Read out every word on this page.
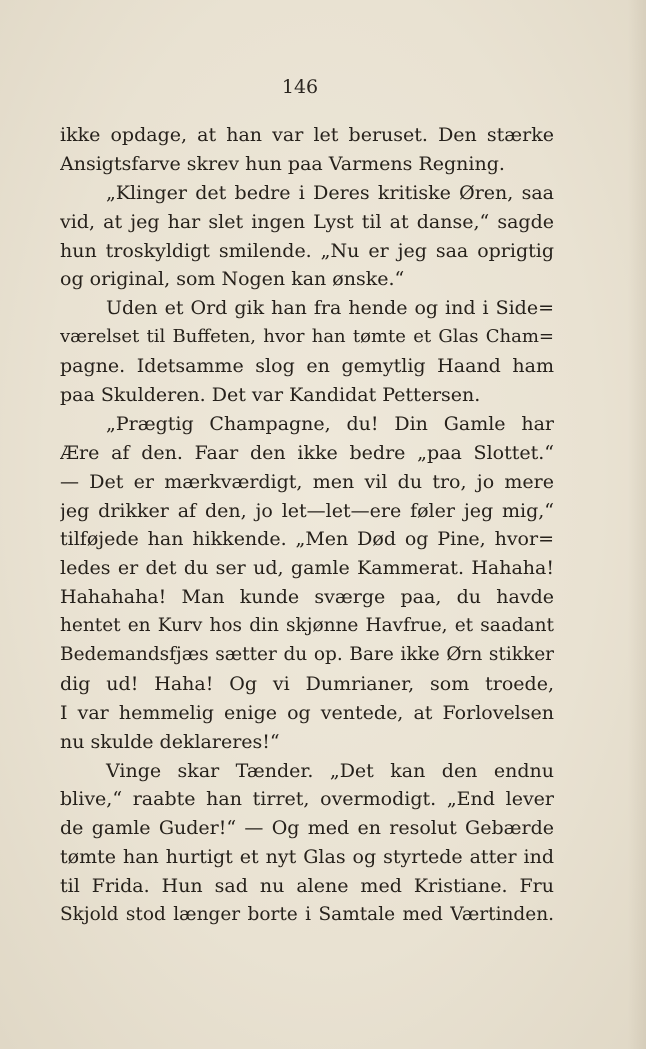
146
ikke opdage, at han var let beruset. Den stærke
Ansigtsfarve skrev hun paa Varmens Regning.
„Klinger det bedre i Deres kritiske Øren, saa
vid, at jeg har slet ingen Lyst til at danse,“ sagde
hun troskyldigt smilende. „Nu er jeg saa oprigtig
og original, som Nogen kan ønske.“
Uden et Ord gik han fra hende og ind i Side=
værelset til Buffeten, hvor han tømte et Glas Cham=
pagne. Idetsamme slog en gemytlig Haand ham
paa Skulderen. Det var Kandidat Pettersen.
„Prægtig Champagne, du! Din Gamle har
Ære af den. Faar den ikke bedre „paa Slottet.“
— Det er mærkværdigt, men vil du tro, jo mere
jeg drikker af den, jo let—let—ere føler jeg mig,“
tilføjede han hikkende. „Men Død og Pine, hvor=
ledes er det du ser ud, gamle Kammerat. Hahaha!
Hahahaha! Man kunde sværge paa, du havde
hentet en Kurv hos din skjønne Havfrue, et saadant
Bedemandsfjæs sætter du op. Bare ikke Ørn stikker
dig ud! Haha! Og vi Dumrianer, som troede,
I var hemmelig enige og ventede, at Forlovelsen
nu skulde deklareres!“
Vinge skar Tænder. „Det kan den endnu
blive,“ raabte han tirret, overmodigt. „End lever
de gamle Guder!“ — Og med en resolut Gebærde
tømte han hurtigt et nyt Glas og styrtede atter ind
til Frida. Hun sad nu alene med Kristiane. Fru
Skjold stod længer borte i Samtale med Værtinden.
